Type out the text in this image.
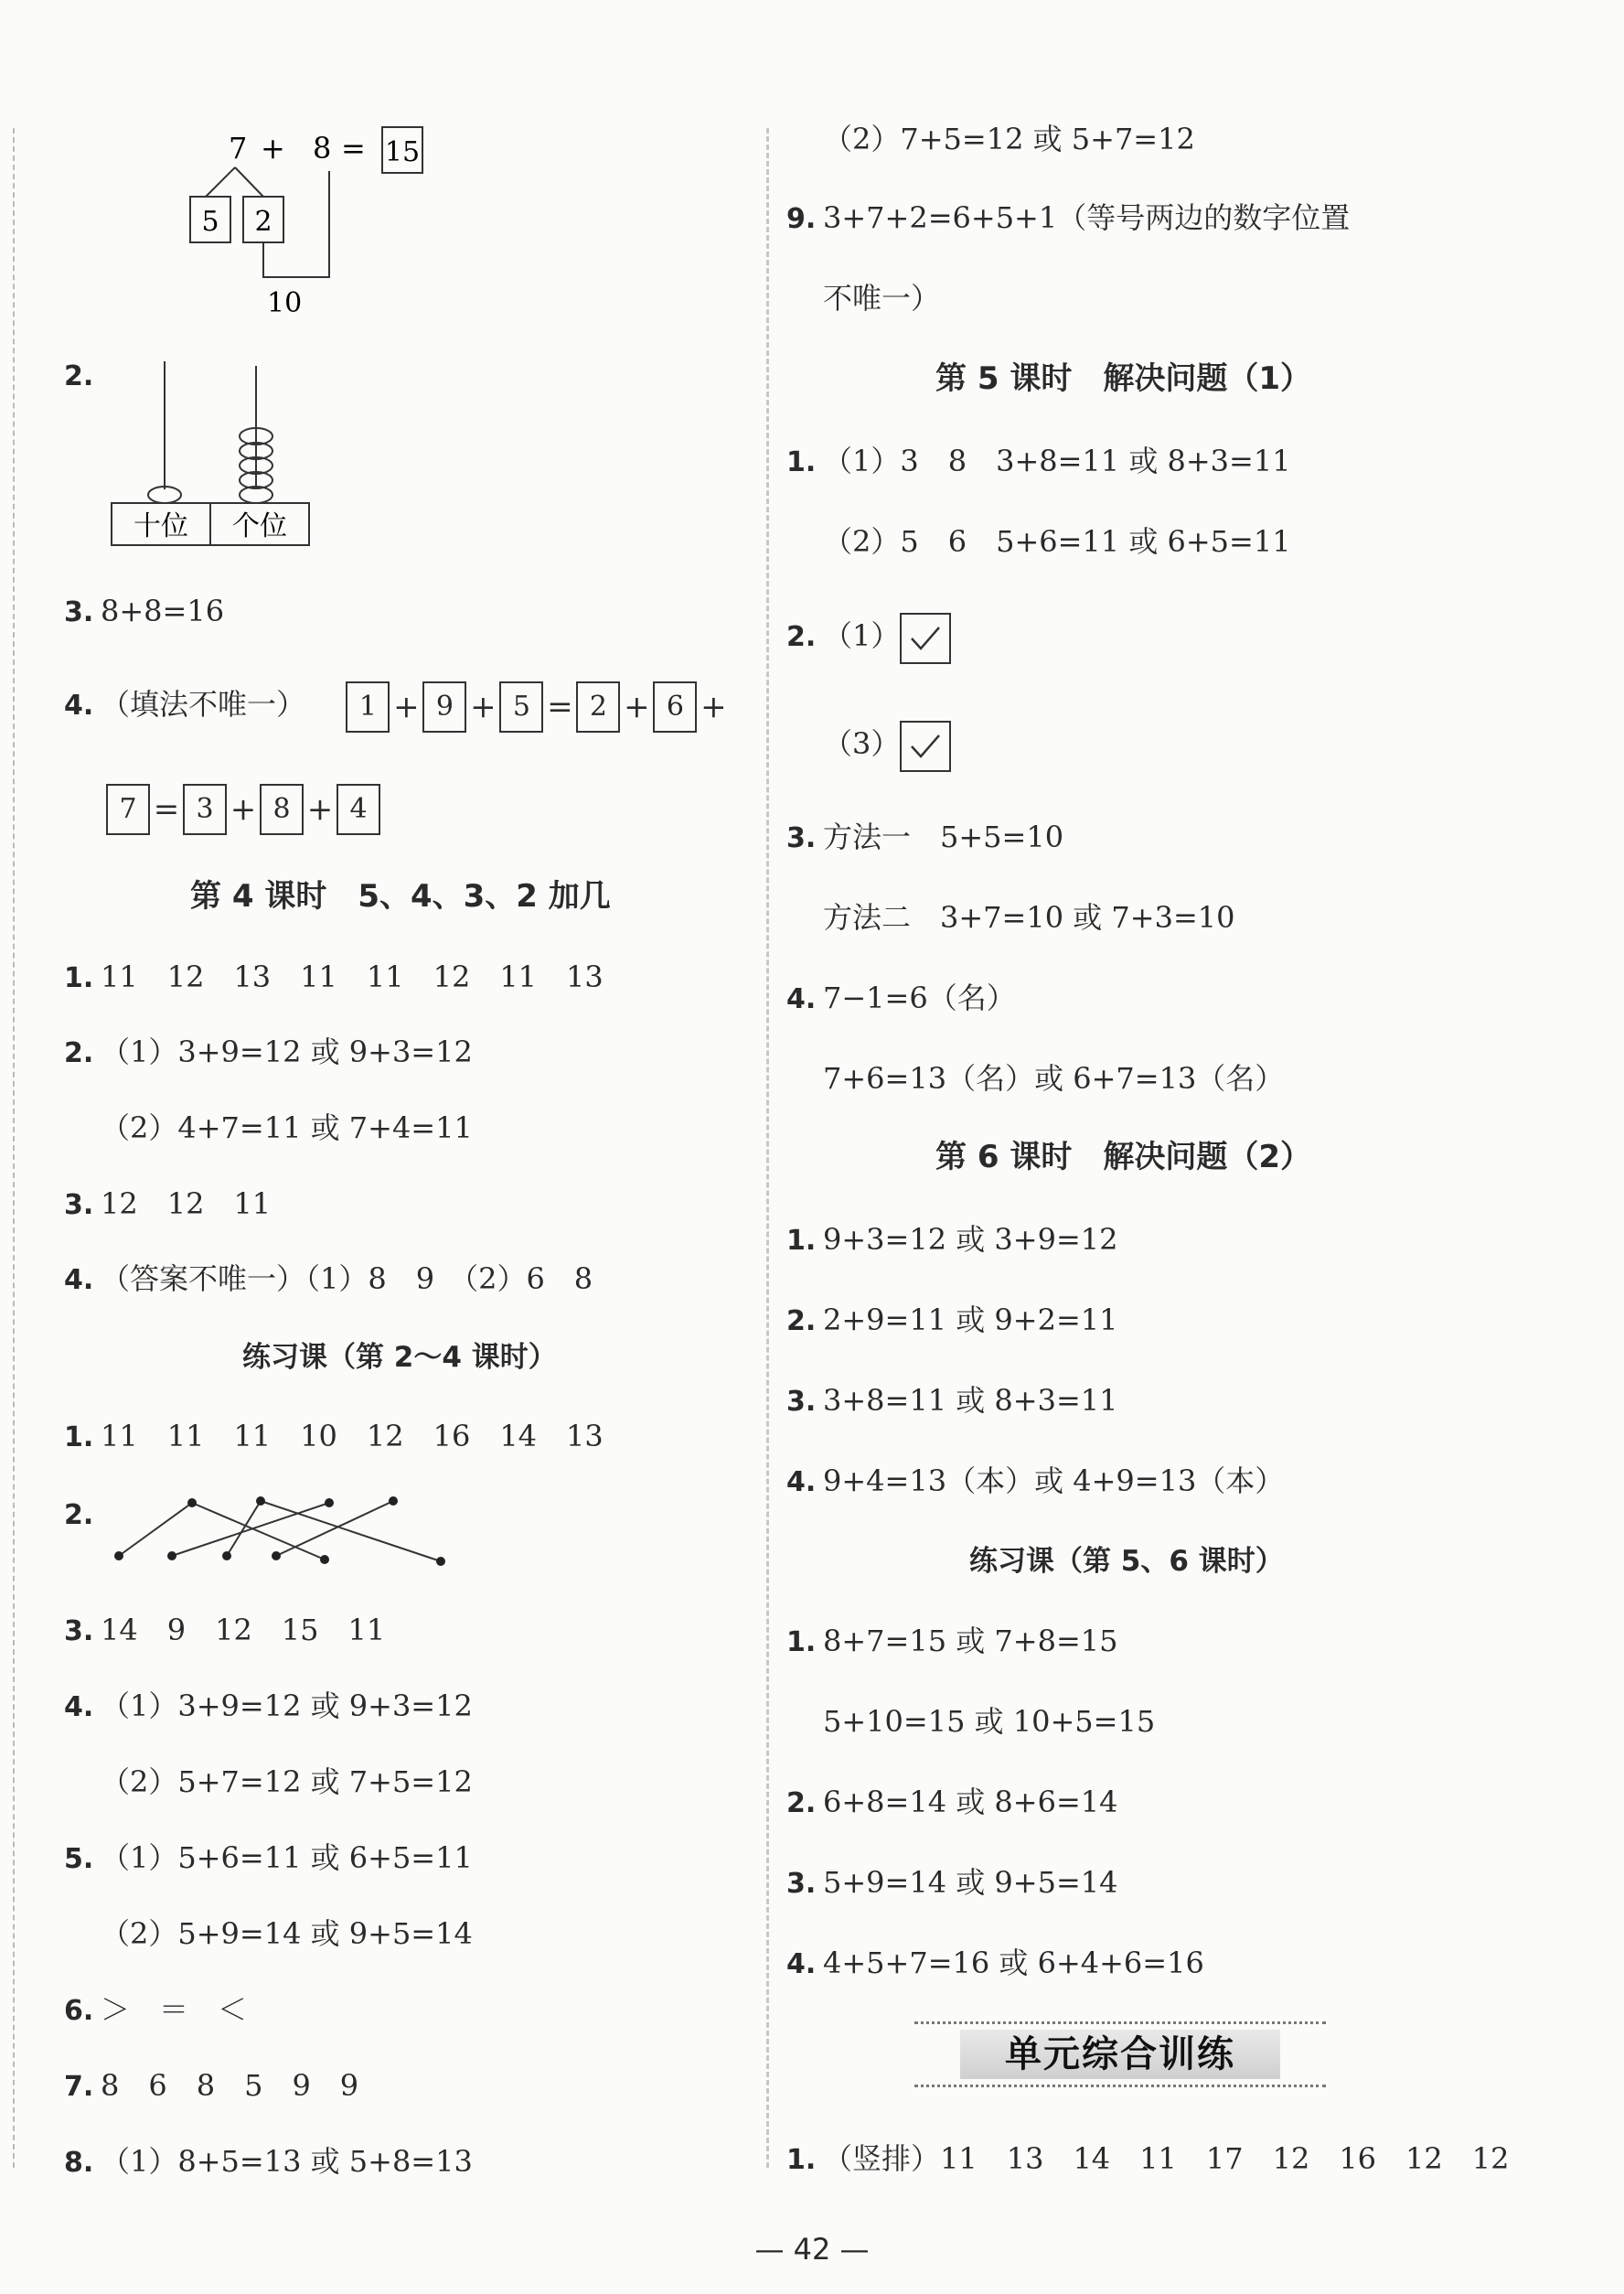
7 + 8 = 15
5 2
10
2.
十位 个位
3. 8+8=16
4. （填法不唯一） 1 + 9 + 5 = 2 + 6 +
7 = 3 + 8 + 4
第 4 课时　5、4、3、2 加几
1. 11　12　13　11　11　12　11　13
2. （1）3+9=12 或 9+3=12
（2）4+7=11 或 7+4=11
3. 12　12　11
4. （答案不唯一）（1）8　9　（2）6　8
练习课（第 2～4 课时）
1. 11　11　11　10　12　16　14　13
2.
3. 14　9　12　15　11
4. （1）3+9=12 或 9+3=12
（2）5+7=12 或 7+5=12
5. （1）5+6=11 或 6+5=11
（2）5+9=14 或 9+5=14
6. ＞　＝　＜
7. 8　6　8　5　9　9
8. （1）8+5=13 或 5+8=13
（2）7+5=12 或 5+7=12
9. 3+7+2=6+5+1（等号两边的数字位置
不唯一）
第 5 课时　解决问题（1）
1. （1）3　8　3+8=11 或 8+3=11
（2）5　6　5+6=11 或 6+5=11
2. （1）
（3）
3. 方法一　5+5=10
方法二　3+7=10 或 7+3=10
4. 7−1=6（名）
7+6=13（名）或 6+7=13（名）
第 6 课时　解决问题（2）
1. 9+3=12 或 3+9=12
2. 2+9=11 或 9+2=11
3. 3+8=11 或 8+3=11
4. 9+4=13（本）或 4+9=13（本）
练习课（第 5、6 课时）
1. 8+7=15 或 7+8=15
5+10=15 或 10+5=15
2. 6+8=14 或 8+6=14
3. 5+9=14 或 9+5=14
4. 4+5+7=16 或 6+4+6=16
1. （竖排）11　13　14　11　17　12　16　12　12
单元综合训练
— 42 —
